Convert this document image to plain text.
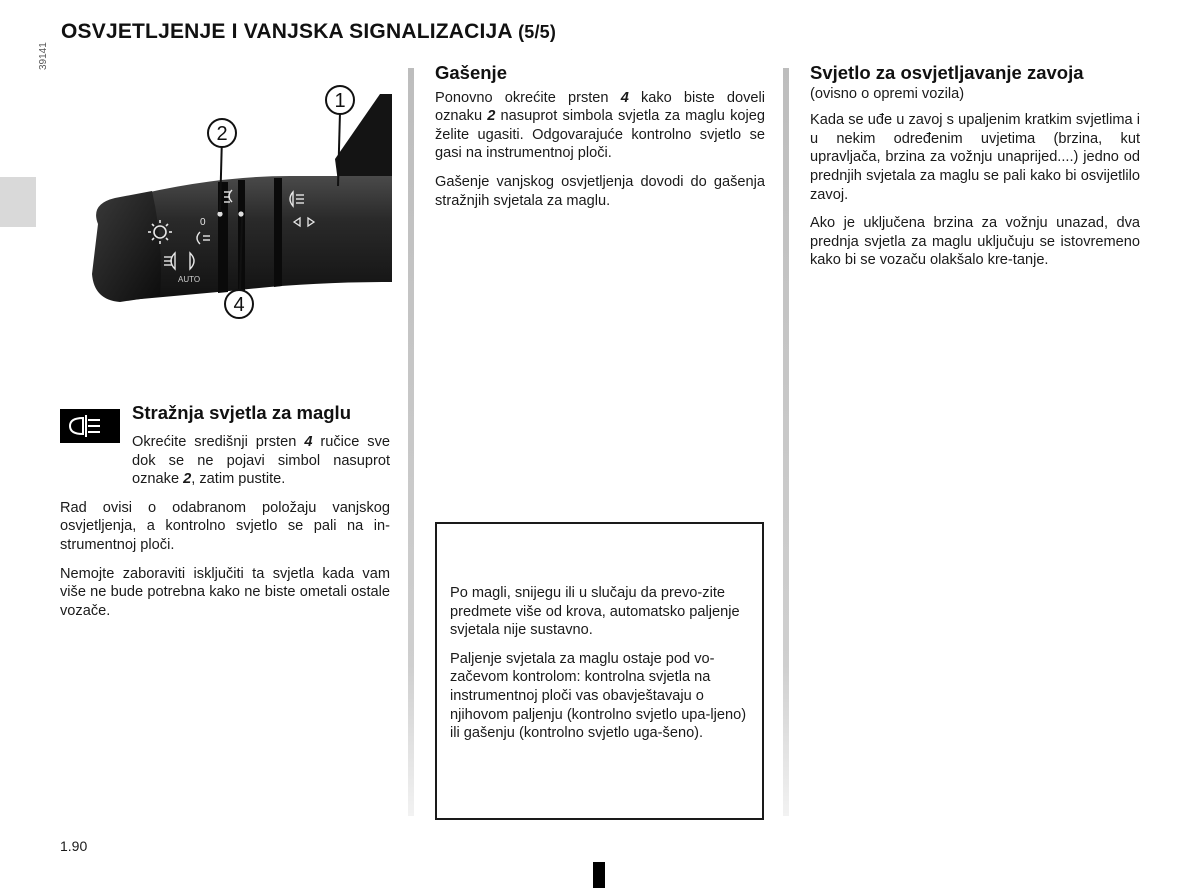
OSVJETLJENJE I VANJSKA SIGNALIZACIJA (5/5)
39141
0
AUTO
1
2
4
Stražnja svjetla za maglu

Okrećite središnji prsten 4 ručice sve dok se ne pojavi simbol nasuprot oznake 2, zatim pustite.

Rad ovisi o odabranom položaju vanjskog osvjetljenja, a kontrolno svjetlo se pali na in-strumentnoj ploči.

Nemojte zaboraviti isključiti ta svjetla kada vam više ne bude potrebna kako ne biste ometali ostale vozače.

Gašenje

Ponovno okrećite prsten 4 kako biste doveli oznaku 2 nasuprot simbola svjetla za maglu kojeg želite ugasiti. Odgovarajuće kontrolno svjetlo se gasi na instrumentnoj ploči.

Gašenje vanjskog osvjetljenja dovodi do gašenja stražnjih svjetala za maglu.

Po magli, snijegu ili u slučaju da prevo-zite predmete više od krova, automatsko paljenje svjetala nije sustavno.

Paljenje svjetala za maglu ostaje pod vo-začevom kontrolom: kontrolna svjetla na instrumentnoj ploči vas obavještavaju o njihovom paljenju (kontrolno svjetlo upa-ljeno) ili gašenju (kontrolno svjetlo uga-šeno).

Svjetlo za osvjetljavanje zavoja
(ovisno o opremi vozila)

Kada se uđe u zavoj s upaljenim kratkim svjetlima i u nekim određenim uvjetima (brzina, kut upravljača, brzina za vožnju unaprijed....) jedno od prednjih svjetala za maglu se pali kako bi osvijetlilo zavoj.

Ako je uključena brzina za vožnju unazad, dva prednja svjetla za maglu uključuju se istovremeno kako bi se vozaču olakšalo kre-tanje.

1.90
